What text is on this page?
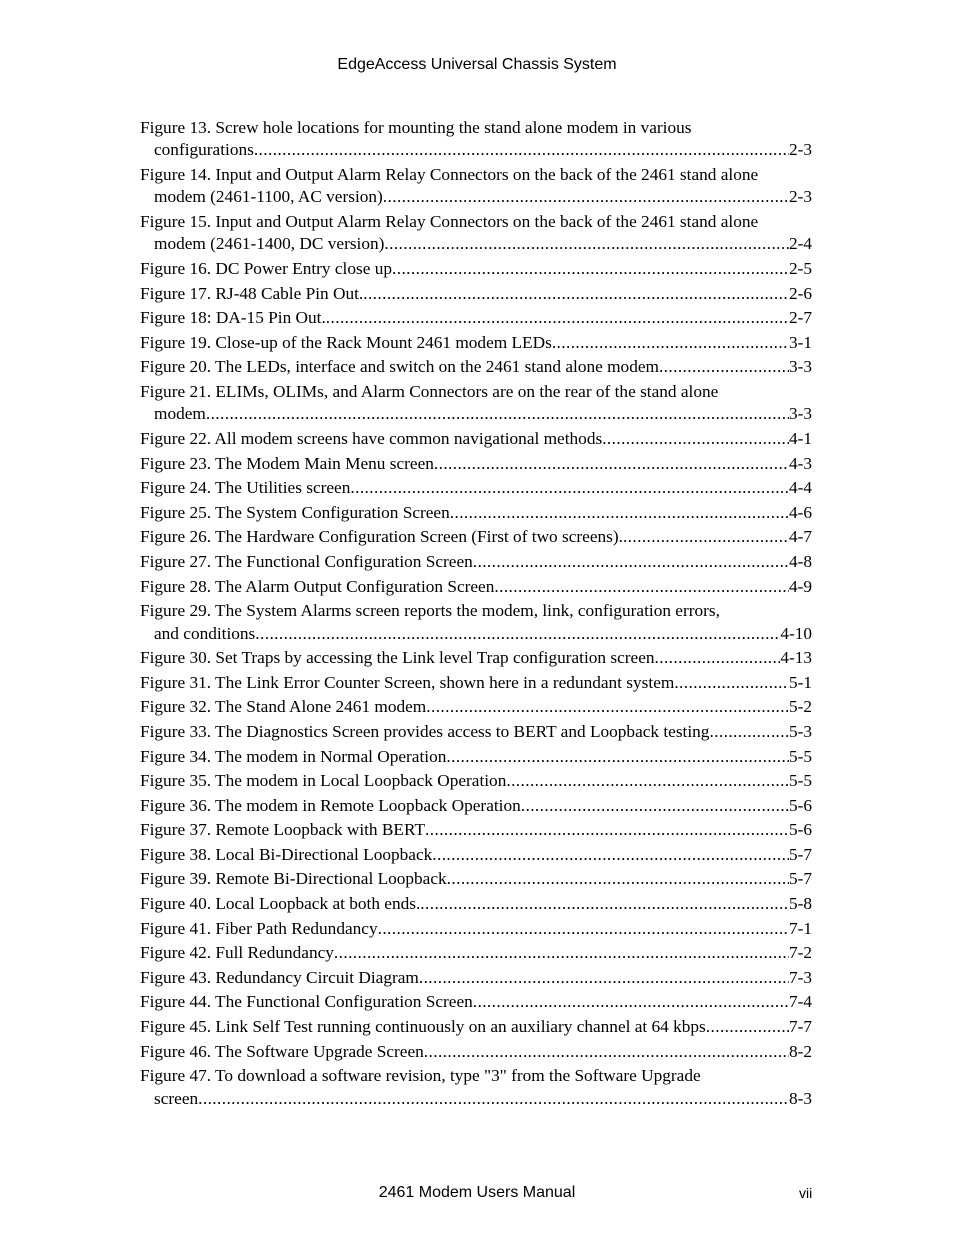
EdgeAccess Universal Chassis System
Figure 13. Screw hole locations for mounting the stand alone modem in various
configurations .....	2-3
Figure 14. Input and Output Alarm Relay Connectors on the back of the 2461 stand alone
modem (2461-1100, AC version) .....	2-3
Figure 15. Input and Output Alarm Relay Connectors on the back of the 2461 stand alone
modem (2461-1400, DC version) .....	2-4
Figure 16. DC Power Entry close up .....	2-5
Figure 17. RJ-48 Cable Pin Out. .....	2-6
Figure 18: DA-15 Pin Out. .....	2-7
Figure 19. Close-up of the Rack Mount 2461 modem LEDs .....	3-1
Figure 20. The LEDs, interface and switch on the 2461 stand alone modem .....	3-3
Figure 21. ELIMs, OLIMs, and Alarm Connectors are on the rear of the stand alone
modem .....	3-3
Figure 22. All modem screens have common navigational methods .....	4-1
Figure 23. The Modem Main Menu screen .....	4-3
Figure 24. The Utilities screen .....	4-4
Figure 25. The System Configuration Screen .....	4-6
Figure 26. The Hardware Configuration Screen (First of two screens). .....	4-7
Figure 27. The Functional Configuration Screen .....	4-8
Figure 28. The Alarm Output Configuration Screen .....	4-9
Figure 29. The System Alarms screen reports the modem, link, configuration errors,
and conditions .....	4-10
Figure 30. Set Traps by accessing the Link level Trap configuration screen .....	4-13
Figure 31. The Link Error Counter Screen, shown here in a redundant system .....	5-1
Figure 32. The Stand Alone 2461 modem .....	5-2
Figure 33. The Diagnostics Screen provides access to BERT and Loopback testing .....	5-3
Figure 34. The modem in Normal Operation .....	5-5
Figure 35. The modem in Local Loopback Operation .....	5-5
Figure 36. The modem in Remote Loopback Operation .....	5-6
Figure 37. Remote Loopback with BERT .....	5-6
Figure 38. Local Bi-Directional Loopback .....	5-7
Figure 39. Remote Bi-Directional Loopback .....	5-7
Figure 40. Local Loopback at both ends. .....	5-8
Figure 41. Fiber Path Redundancy .....	7-1
Figure 42. Full Redundancy .....	7-2
Figure 43. Redundancy Circuit Diagram .....	7-3
Figure 44. The Functional Configuration Screen .....	7-4
Figure 45. Link Self Test running continuously on an auxiliary channel at 64 kbps .....	7-7
Figure 46. The Software Upgrade Screen .....	8-2
Figure 47. To download a software revision, type "3" from the Software Upgrade
screen .....	8-3
2461 Modem Users Manual	vii
